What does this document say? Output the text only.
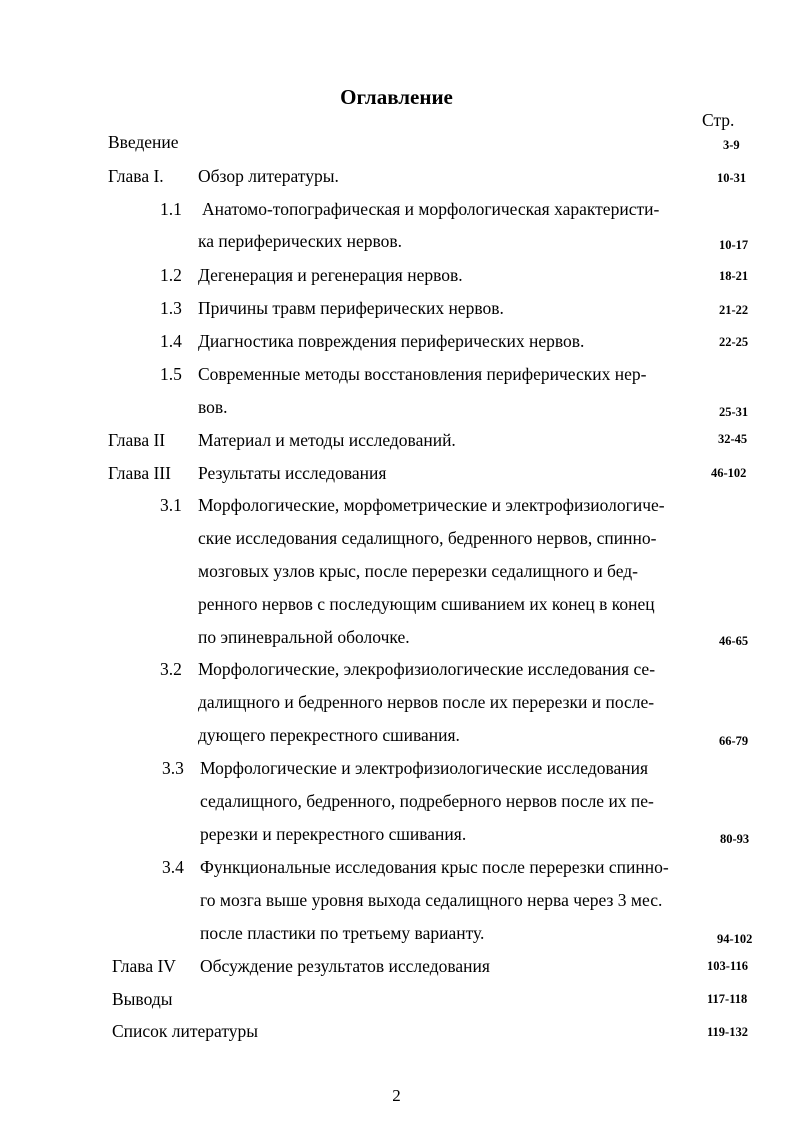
Оглавление
Стр.
Введение	3-9
Глава I. Обзор литературы.	10-31
1.1 Анатомо-топографическая и морфологическая характеристи-
ка периферических нервов.	10-17
1.2 Дегенерация и регенерация нервов.	18-21
1.3 Причины травм периферических нервов.	21-22
1.4 Диагностика повреждения периферических нервов.	22-25
1.5 Современные методы восстановления периферических нер-
вов.	25-31
Глава II Материал и методы исследований.	32-45
Глава III Результаты исследования	46-102
3.1 Морфологические, морфометрические и электрофизиологиче-
ские исследования седалищного, бедренного нервов, спинно-
мозговых узлов крыс, после перерезки седалищного и бед-
ренного нервов с последующим сшиванием их конец в конец
по эпиневральной оболочке.	46-65
3.2 Морфологические, элекрофизиологические исследования се-
далищного и бедренного нервов после их перерезки и после-
дующего перекрестного сшивания.	66-79
3.3 Морфологические и электрофизиологические исследования
седалищного, бедренного, подреберного нервов после их пе-
ререзки и перекрестного сшивания.	80-93
3.4 Функциональные исследования крыс после перерезки спинно-
го мозга выше уровня выхода седалищного нерва через 3 мес.
после пластики по третьему варианту.	94-102
Глава IV Обсуждение результатов исследования	103-116
Выводы	117-118
Список литературы	119-132
2
